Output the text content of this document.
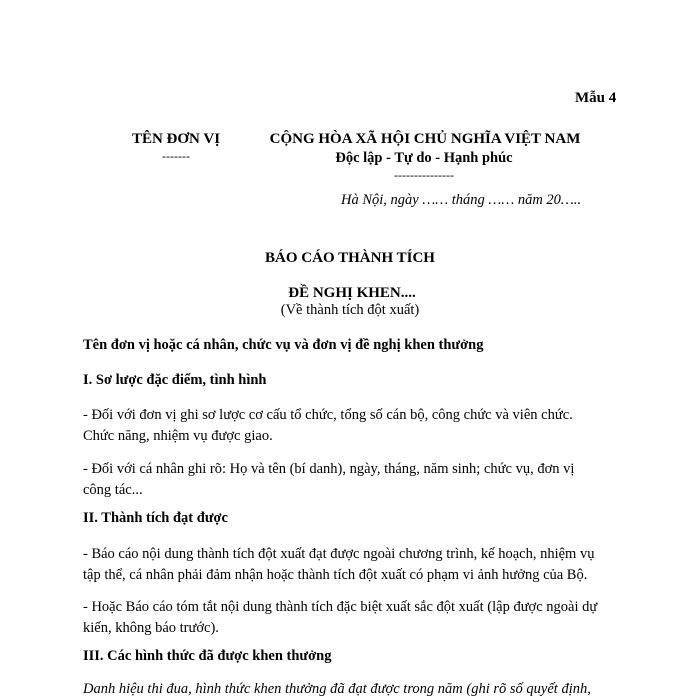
Mẫu 4
TÊN ĐƠN VỊ
-------
CỘNG HÒA XÃ HỘI CHỦ NGHĨA VIỆT NAM
Độc lập - Tự do - Hạnh phúc
---------------
Hà Nội, ngày …… tháng …… năm 20…..
BÁO CÁO THÀNH TÍCH
ĐỀ NGHỊ KHEN....
(Về thành tích đột xuất)
Tên đơn vị hoặc cá nhân, chức vụ và đơn vị đề nghị khen thưởng
I. Sơ lược đặc điểm, tình hình
- Đối với đơn vị ghi sơ lược cơ cấu tổ chức, tổng số cán bộ, công chức và viên chức.
Chức năng, nhiệm vụ được giao.
- Đối với cá nhân ghi rõ: Họ và tên (bí danh), ngày, tháng, năm sinh; chức vụ, đơn vị
công tác...
II. Thành tích đạt được
- Báo cáo nội dung thành tích đột xuất đạt được ngoài chương trình, kế hoạch, nhiệm vụ
tập thể, cá nhân phải đảm nhận hoặc thành tích đột xuất có phạm vi ảnh hưởng của Bộ.
- Hoặc Báo cáo tóm tắt nội dung thành tích đặc biệt xuất sắc đột xuất (lập được ngoài dự
kiến, không báo trước).
III. Các hình thức đã được khen thưởng
Danh hiệu thi đua, hình thức khen thưởng đã đạt được trong năm (ghi rõ số quyết định,
